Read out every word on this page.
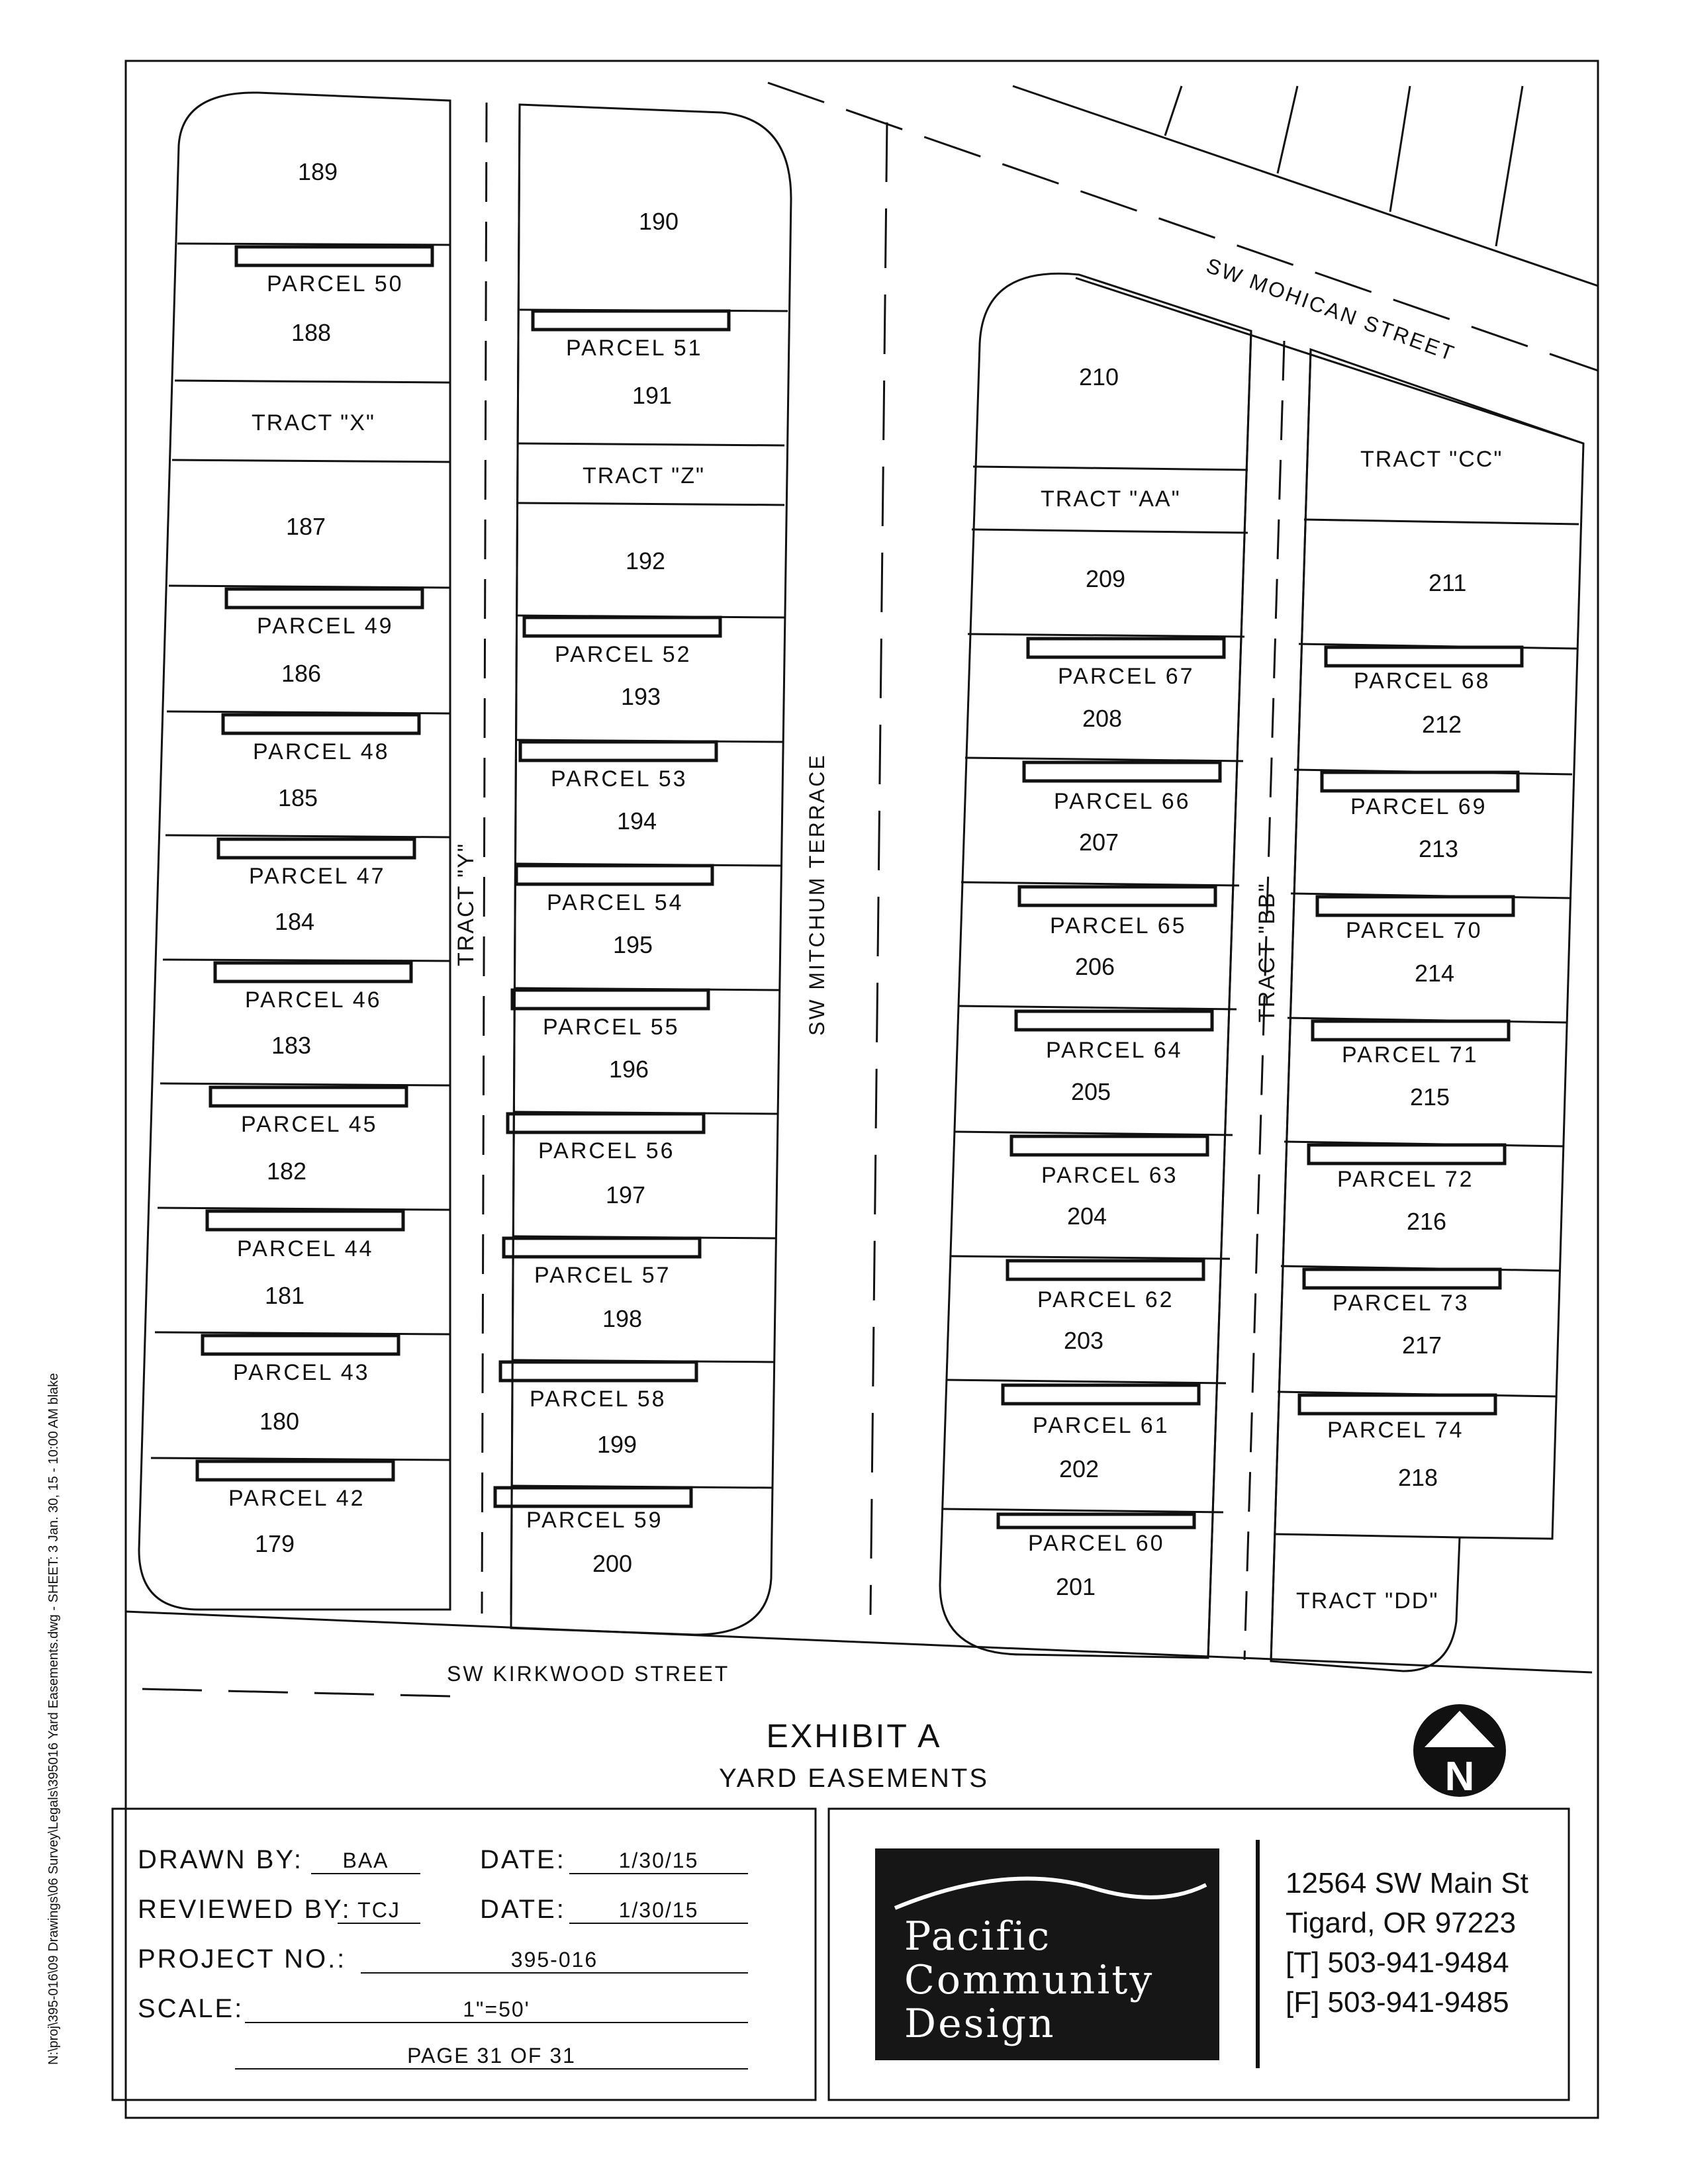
SW MOHICAN STREET
SW MITCHUM TERRACE
SW KIRKWOOD STREET
TRACT "X"
TRACT "Z"
TRACT "AA"
TRACT "CC"
TRACT "DD"
TRACT "Y"	TRACT "BB"
189
PARCEL 50
188
187
PARCEL 49
186
PARCEL 48
185
PARCEL 47
184
PARCEL 46
183
PARCEL 45
182
PARCEL 44
181
PARCEL 43
180
PARCEL 42
179
190
PARCEL 51
191
192
PARCEL 52
193
PARCEL 53
194
PARCEL 54
195
PARCEL 55
196
PARCEL 56
197
PARCEL 57
198
PARCEL 58
199
PARCEL 59
200
210
209
PARCEL 67
208
PARCEL 66
207
PARCEL 65
206
PARCEL 64
205
PARCEL 63
204
PARCEL 62
203
PARCEL 61
202
PARCEL 60
201
211
PARCEL 68
212
PARCEL 69
213
PARCEL 70
214
PARCEL 71
215
PARCEL 72
216
PARCEL 73
217
PARCEL 74
218
EXHIBIT A
YARD EASEMENTS	N
DRAWN BY:	BAA	DATE:	1/30/15
REVIEWED BY: TCJ	DATE:	1/30/15
PROJECT NO.:	395-016
SCALE:	1"=50'
PAGE 31 OF 31
Pacific
Community
Design
12564 SW Main St
Tigard, OR 97223
[T] 503-941-9484
[F] 503-941-9485
N:\proj\395-016\09 Drawings\06 Survey\Legals\395016 Yard Easements.dwg - SHEET: 3 Jan. 30, 15 - 10:00 AM blake
